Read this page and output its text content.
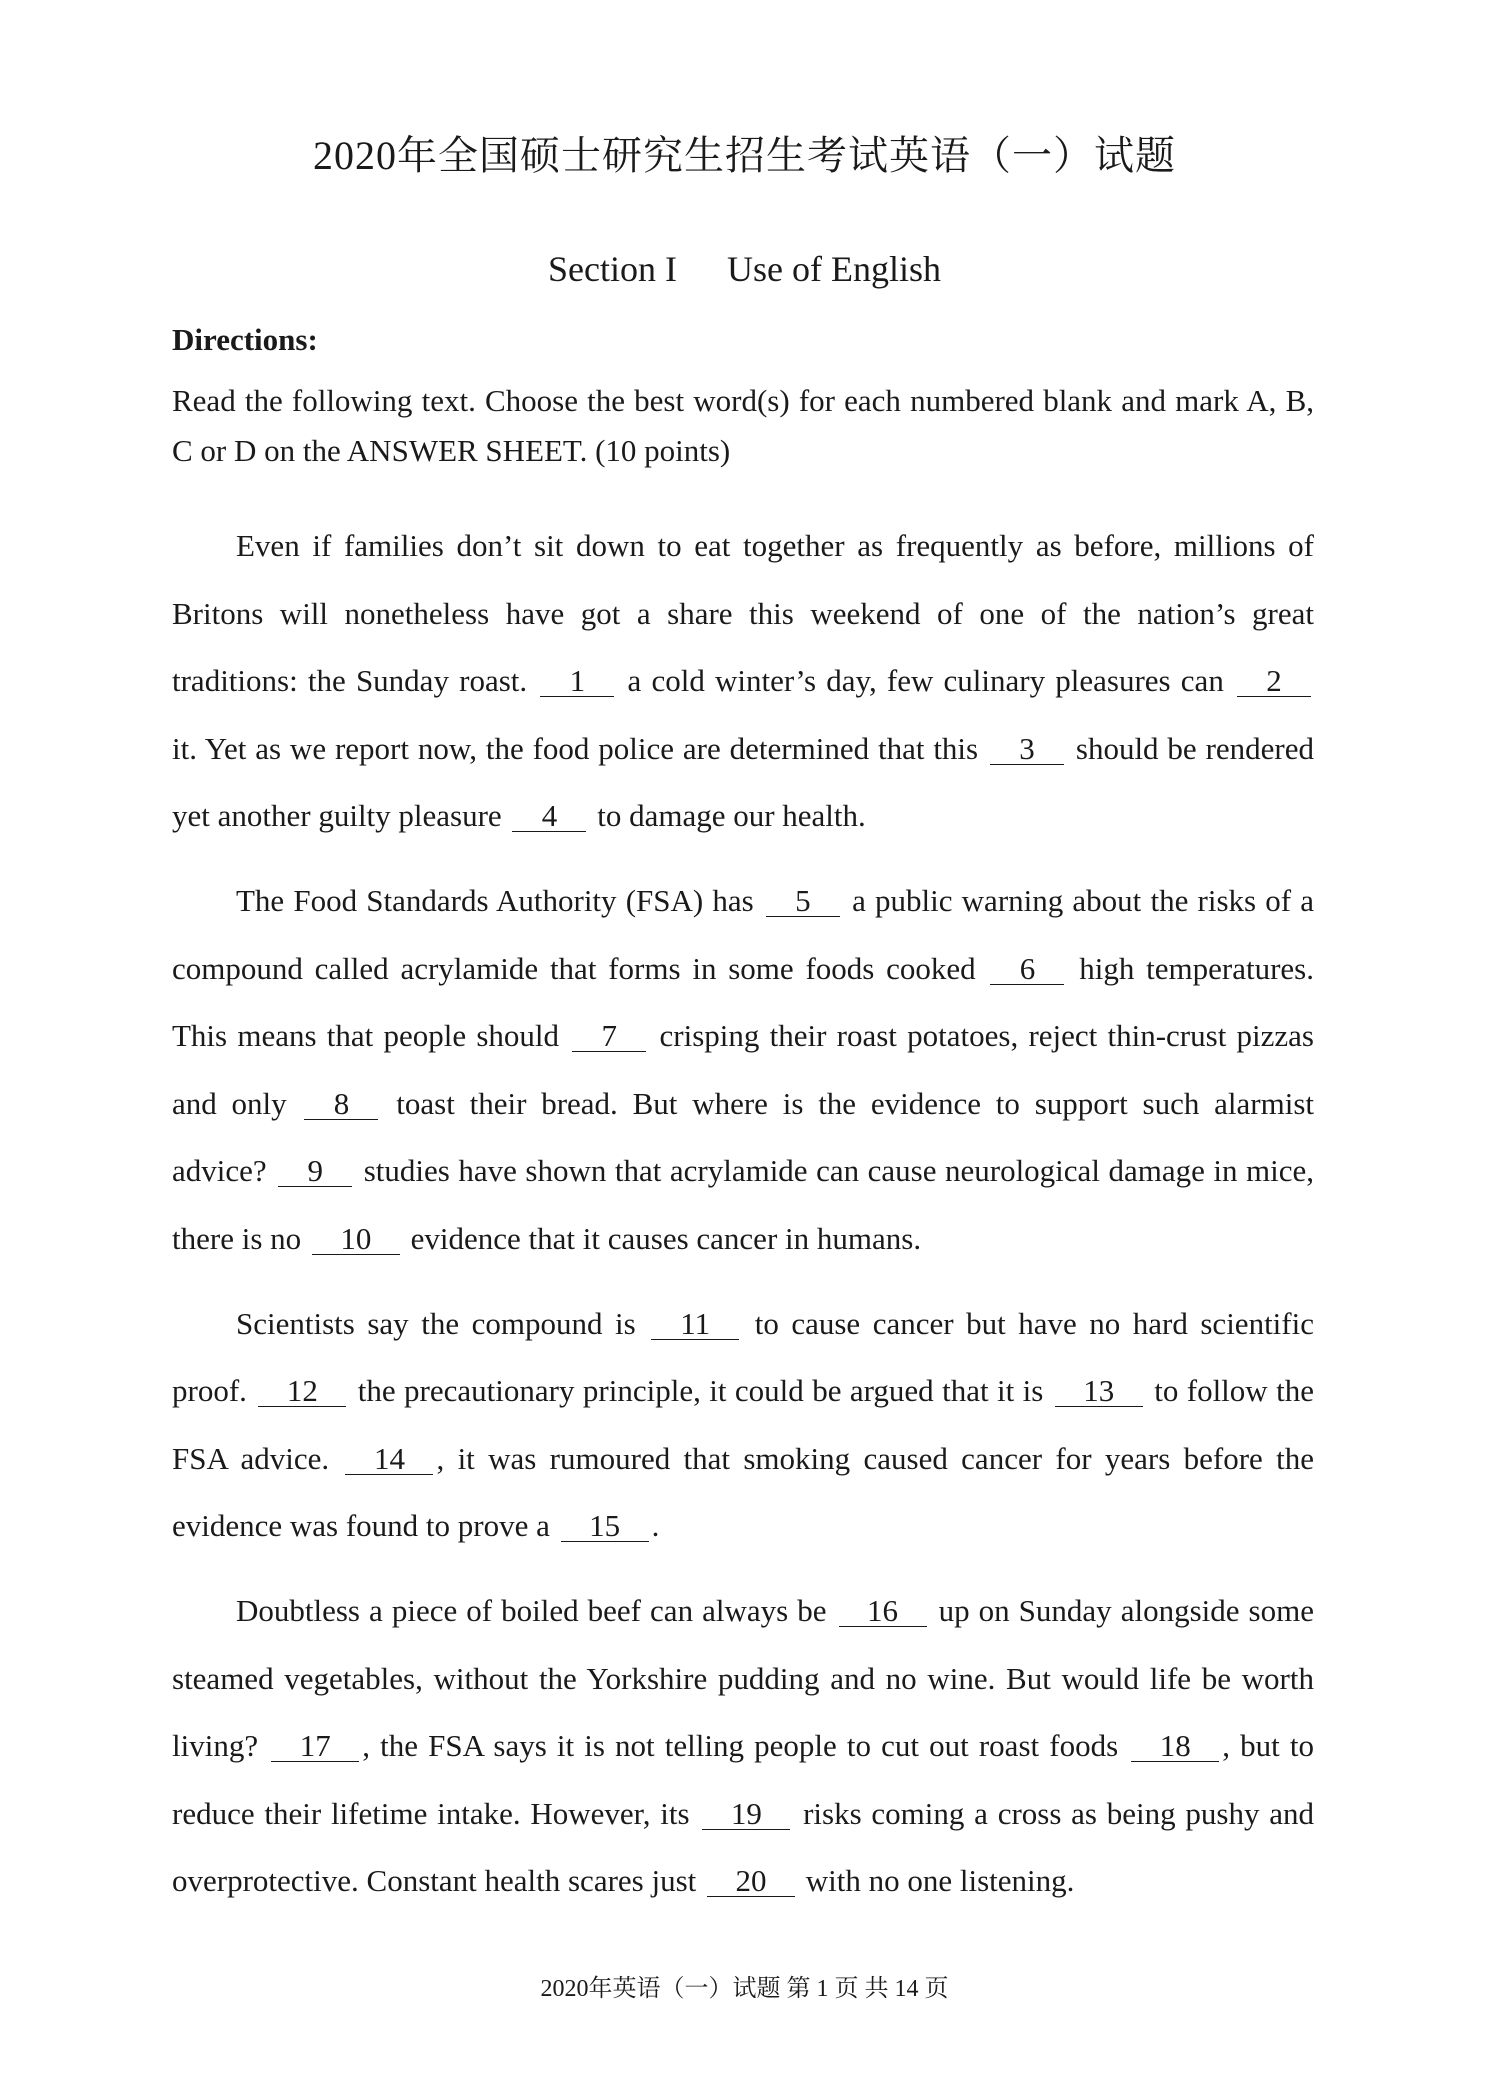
2020年全国硕士研究生招生考试英语（一）试题
Section I Use of English
Directions:
Read the following text. Choose the best word(s) for each numbered blank and mark A, B, C or D on the ANSWER SHEET. (10 points)

Even if families don’t sit down to eat together as frequently as before, millions of Britons will nonetheless have got a share this weekend of one of the nation’s great traditions: the Sunday roast. 1 a cold winter’s day, few culinary pleasures can 2 it. Yet as we report now, the food police are determined that this 3 should be rendered yet another guilty pleasure 4 to damage our health.

The Food Standards Authority (FSA) has 5 a public warning about the risks of a compound called acrylamide that forms in some foods cooked 6 high temperatures. This means that people should 7 crisping their roast potatoes, reject thin-crust pizzas and only 8 toast their bread. But where is the evidence to support such alarmist advice? 9 studies have shown that acrylamide can cause neurological damage in mice, there is no 10 evidence that it causes cancer in humans.

Scientists say the compound is 11 to cause cancer but have no hard scientific proof. 12 the precautionary principle, it could be argued that it is 13 to follow the FSA advice. 14 , it was rumoured that smoking caused cancer for years before the evidence was found to prove a 15 .

Doubtless a piece of boiled beef can always be 16 up on Sunday alongside some steamed vegetables, without the Yorkshire pudding and no wine. But would life be worth living? 17 , the FSA says it is not telling people to cut out roast foods 18 , but to reduce their lifetime intake. However, its 19 risks coming a cross as being pushy and overprotective. Constant health scares just 20 with no one listening.

2020年英语（一）试题 第 1 页 共 14 页
